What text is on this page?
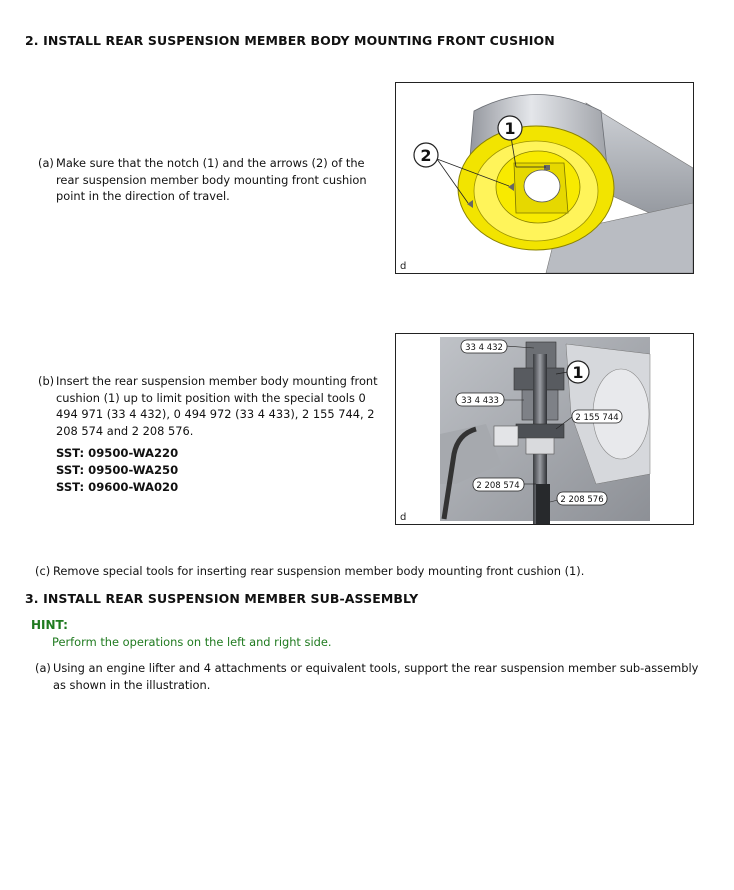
2. INSTALL REAR SUSPENSION MEMBER BODY MOUNTING FRONT CUSHION
(a) Make sure that the notch (1) and the arrows (2) of the rear suspension member body mounting front cushion point in the direction of travel.
1
2
d
(b) Insert the rear suspension member body mounting front cushion (1) up to limit position with the special tools 0 494 971 (33 4 432), 0 494 972 (33 4 433), 2 155 744, 2 208 574 and 2 208 576.
SST: 09500-WA220
SST: 09500-WA250
SST: 09600-WA020
1
33 4 432
33 4 433
2 155 744
2 208 574
2 208 576
d
(c) Remove special tools for inserting rear suspension member body mounting front cushion (1).
3. INSTALL REAR SUSPENSION MEMBER SUB-ASSEMBLY
HINT:
Perform the operations on the left and right side.
(a) Using an engine lifter and 4 attachments or equivalent tools, support the rear suspension member sub-assembly as shown in the illustration.
